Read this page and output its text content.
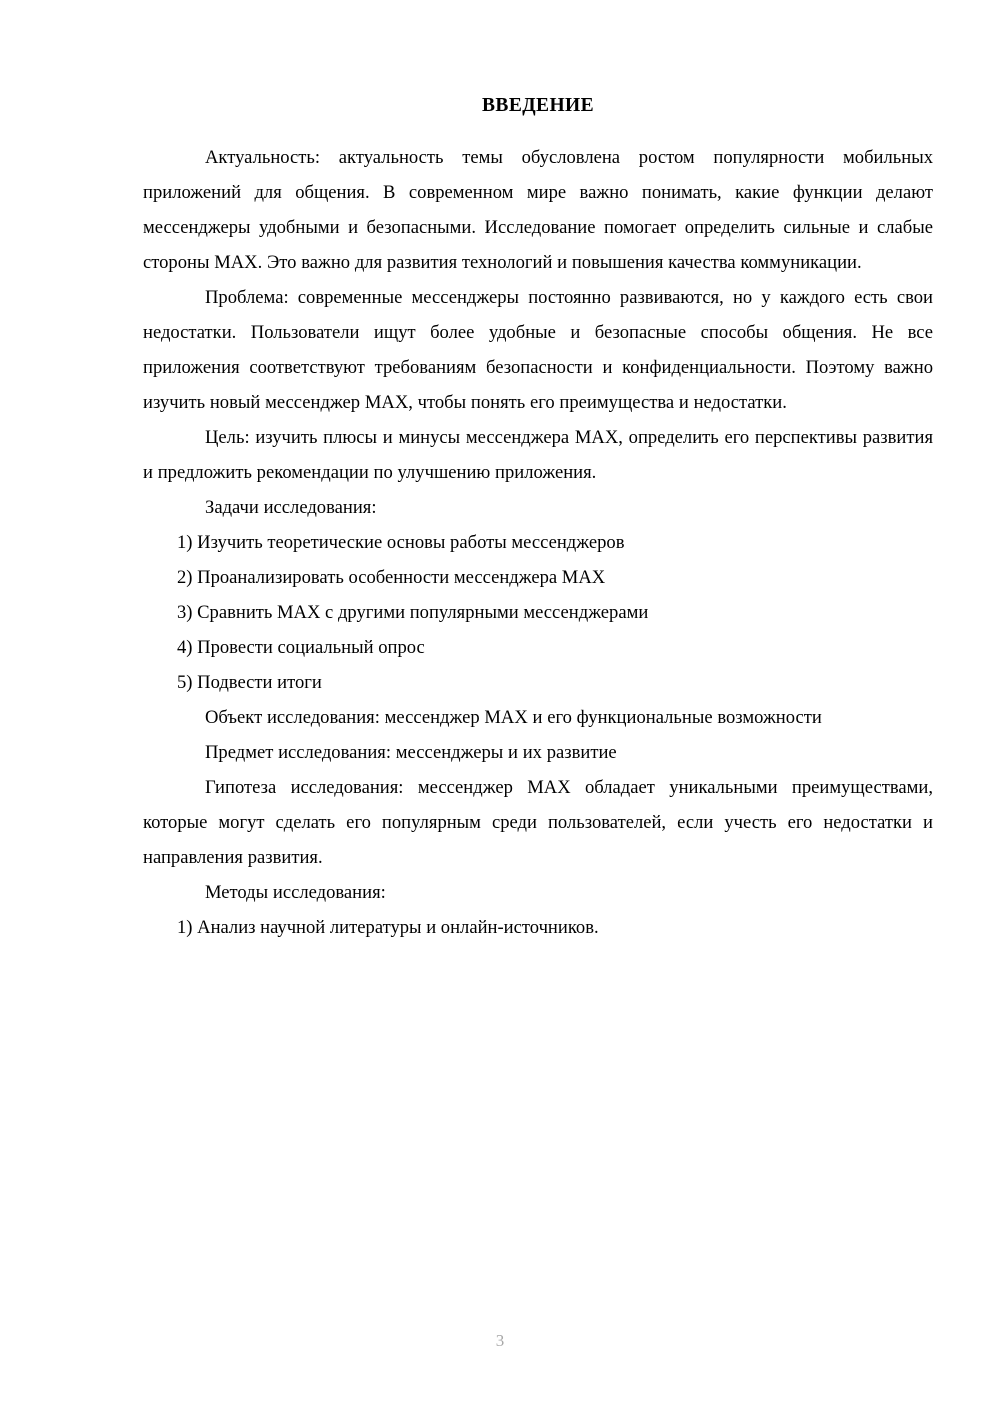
ВВЕДЕНИЕ

Актуальность: актуальность темы обусловлена ростом популярности мобильных приложений для общения. В современном мире важно понимать, какие функции делают мессенджеры удобными и безопасными. Исследование помогает определить сильные и слабые стороны MAX. Это важно для развития технологий и повышения качества коммуникации.

Проблема: современные мессенджеры постоянно развиваются, но у каждого есть свои недостатки. Пользователи ищут более удобные и безопасные способы общения. Не все приложения соответствуют требованиям безопасности и конфиденциальности. Поэтому важно изучить новый мессенджер MAX, чтобы понять его преимущества и недостатки.

Цель: изучить плюсы и минусы мессенджера MAX, определить его перспективы развития и предложить рекомендации по улучшению приложения.

Задачи исследования:

1) Изучить теоретические основы работы мессенджеров

2) Проанализировать особенности мессенджера MAX

3) Сравнить MAX с другими популярными мессенджерами

4) Провести социальный опрос

5) Подвести итоги

Объект исследования: мессенджер MAX и его функциональные возможности

Предмет исследования: мессенджеры и их развитие

Гипотеза исследования: мессенджер MAX обладает уникальными преимуществами, которые могут сделать его популярным среди пользователей, если учесть его недостатки и направления развития.

Методы исследования:

1) Анализ научной литературы и онлайн-источников.

3
